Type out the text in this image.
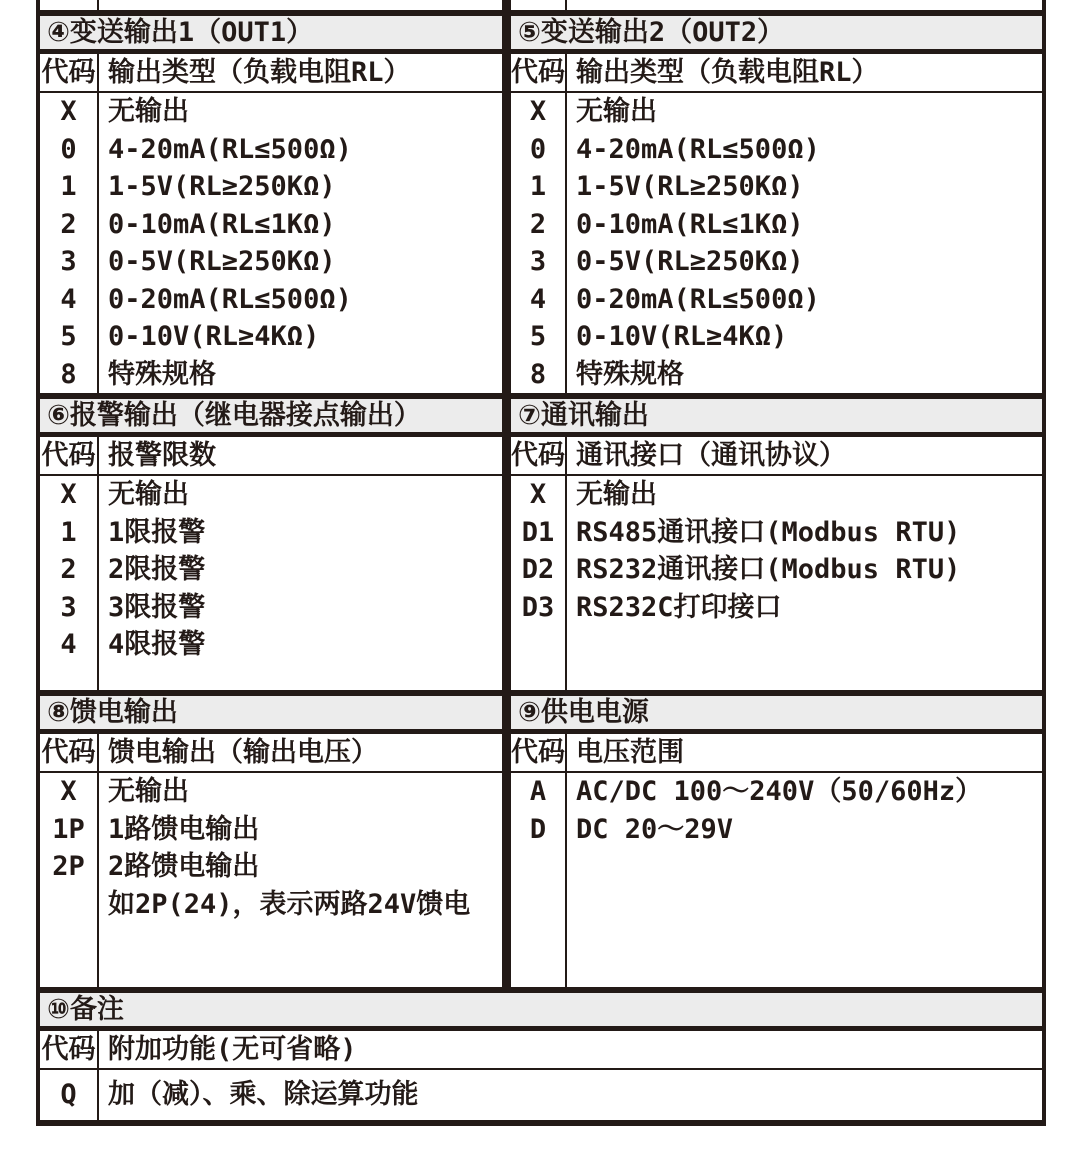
④变送输出1（OUT1）
代码
X
0
1
2
3
4
5
8
输出类型（负载电阻RL）
无输出
4-20mA(RL≤500Ω)
1-5V(RL≥250KΩ)
0-10mA(RL≤1KΩ)
0-5V(RL≥250KΩ)
0-20mA(RL≤500Ω)
0-10V(RL≥4KΩ)
特殊规格
⑤变送输出2（OUT2）
代码
X
0
1
2
3
4
5
8
输出类型（负载电阻RL）
无输出
4-20mA(RL≤500Ω)
1-5V(RL≥250KΩ)
0-10mA(RL≤1KΩ)
0-5V(RL≥250KΩ)
0-20mA(RL≤500Ω)
0-10V(RL≥4KΩ)
特殊规格
⑥报警输出（继电器接点输出）
代码
X
1
2
3
4
报警限数
无输出
1限报警
2限报警
3限报警
4限报警
⑦通讯输出
代码
X
D1
D2
D3
通讯接口（通讯协议）
无输出
RS485通讯接口(Modbus RTU)
RS232通讯接口(Modbus RTU)
RS232C打印接口
⑧馈电输出
代码
X
1P
2P
馈电输出（输出电压）
无输出
1路馈电输出
2路馈电输出
如2P(24)，表示两路24V馈电
⑨供电电源
代码
A
D
电压范围
AC/DC 100～240V（50/60Hz）
DC 20～29V
⑩备注
代码
Q
附加功能(无可省略)
加（减）、乘、除运算功能
